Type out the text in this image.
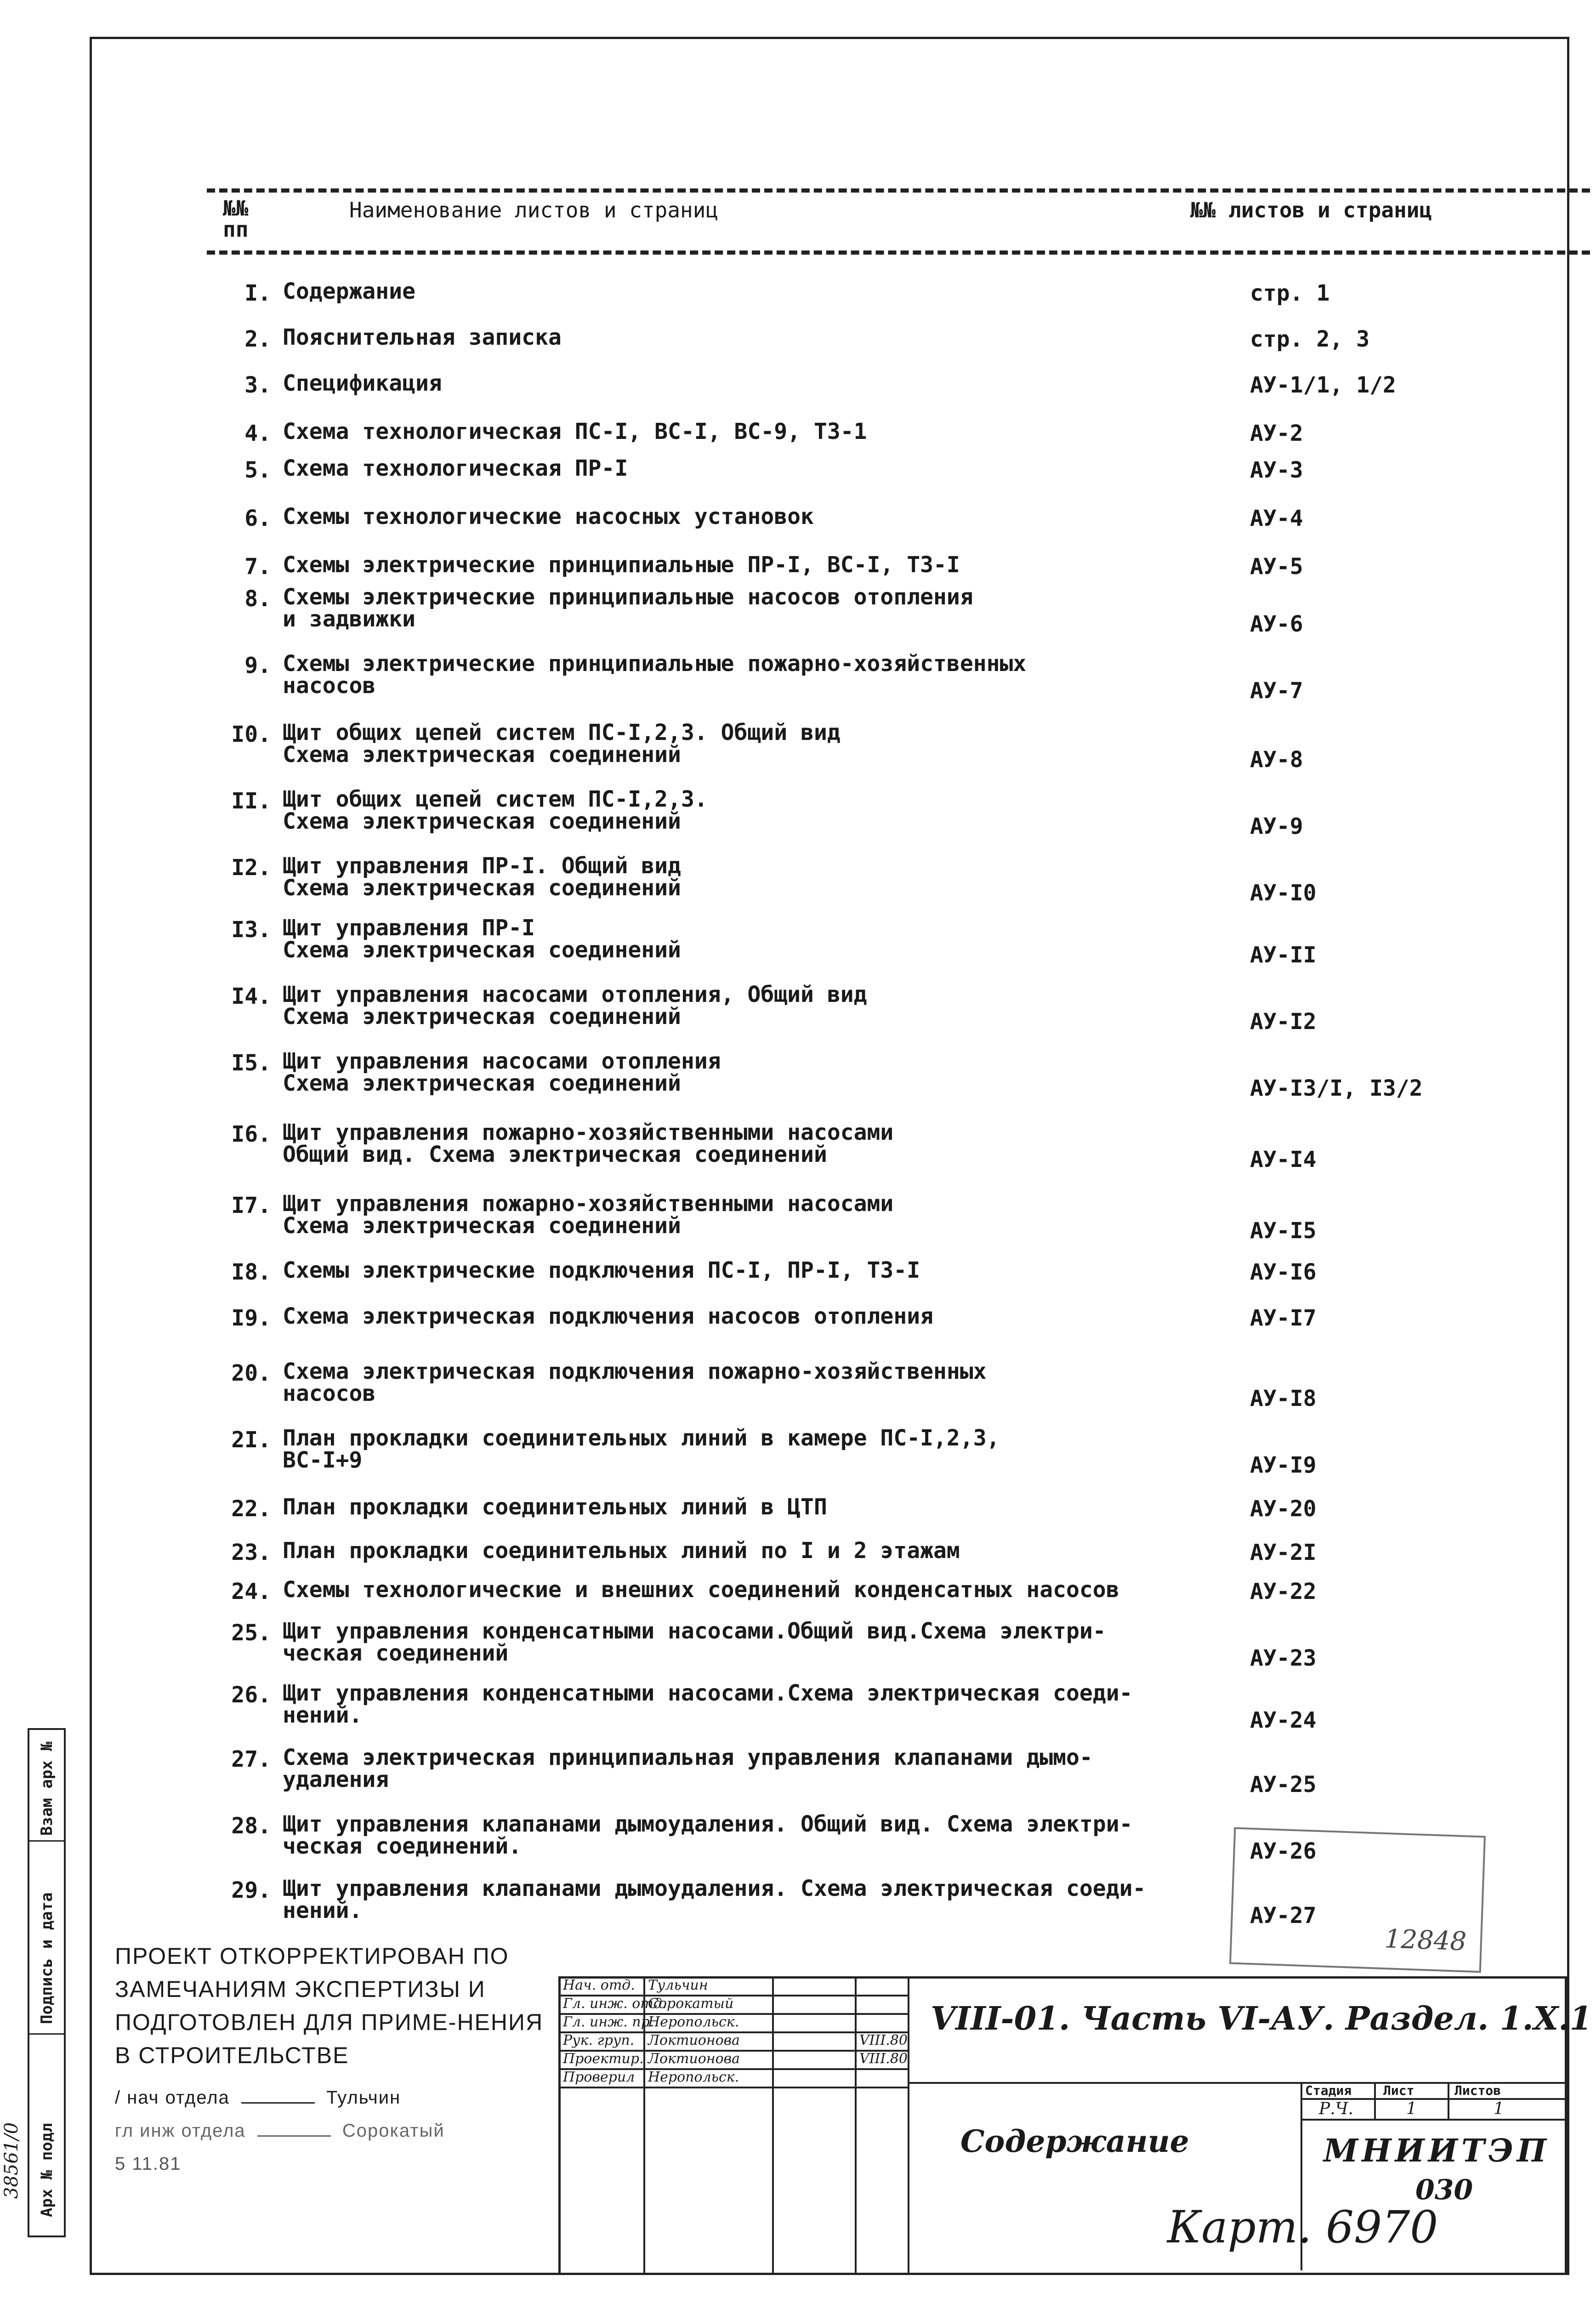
№№
пп
Наименование листов и страниц	№№ листов и страниц
I. Содержание	стр. 1
2. Пояснительная записка	стр. 2, 3
3. Спецификация	АУ-1/1, 1/2
4. Схема технологическая ПС-I, ВС-I, ВС-9, ТЗ-1	АУ-2
5. Схема технологическая ПР-I	АУ-3
6. Схемы технологические насосных установок	АУ-4
7. Схемы электрические принципиальные ПР-I, ВС-I, ТЗ-I	АУ-5
8. Схемы электрические принципиальные насосов отопления
и задвижки	АУ-6
9. Схемы электрические принципиальные пожарно-хозяйственных
насосов	АУ-7
I0. Щит общих цепей систем ПС-I,2,3. Общий вид
Схема электрическая соединений	АУ-8
II. Щит общих цепей систем ПС-I,2,3.
Схема электрическая соединений	АУ-9
I2. Щит управления ПР-I. Общий вид
Схема электрическая соединений	АУ-I0
I3. Щит управления ПР-I
Схема электрическая соединений	АУ-II
I4. Щит управления насосами отопления, Общий вид
Схема электрическая соединений	АУ-I2
I5. Щит управления насосами отопления
Схема электрическая соединений	АУ-I3/I, I3/2
I6. Щит управления пожарно-хозяйственными насосами
Общий вид. Схема электрическая соединений	АУ-I4
I7. Щит управления пожарно-хозяйственными насосами
Схема электрическая соединений	АУ-I5
I8. Схемы электрические подключения ПС-I, ПР-I, ТЗ-I	АУ-I6
I9. Схема электрическая подключения насосов отопления	АУ-I7
20. Схема электрическая подключения пожарно-хозяйственных
насосов	АУ-I8
2I. План прокладки соединительных линий в камере ПС-I,2,3,
ВС-I+9	АУ-I9
22. План прокладки соединительных линий в ЦТП	АУ-20
23. План прокладки соединительных линий по I и 2 этажам	АУ-2I
24. Схемы технологические и внешних соединений конденсатных насосов	АУ-22
25. Щит управления конденсатными насосами.Общий вид.Схема электри-
ческая соединений	АУ-23
26. Щит управления конденсатными насосами.Схема электрическая соеди-
нений.	АУ-24
27. Схема электрическая принципиальная управления клапанами дымо-
удаления	АУ-25
28. Щит управления клапанами дымоудаления. Общий вид. Схема электри-
ческая соединений.	АУ-26
29. Щит управления клапанами дымоудаления. Схема электрическая соеди-
нений.	АУ-27
12848
ПРОЕКТ ОТКОРРЕКТИРОВАН ПО ЗАМЕЧАНИЯМ ЭКСПЕРТИЗЫ И ПОДГОТОВЛЕН ДЛЯ ПРИМЕ-НЕНИЯ В СТРОИТЕЛЬСТВЕ
/ нач отдела	Тульчин
гл инж отдела	Сорокатый
5 11.81
Взам арх №
Подпись и дата
Арх № подл
38561/0
Нач. отд. Тульчин
Гл. инж. отд.
Сорокатый
Гл. инж. пр.
Неропольск.
Рук. груп. Локтионова	VIII.80
Проектир. Локтионова	VIII.80
Проверил Неропольск.
VIII-01. Часть VI-АУ. Раздел. 1.Х.1
Содержание
Стадия Лист	Листов
Р.Ч.	1	1
МНИИТЭП
030
Карт. 6970
